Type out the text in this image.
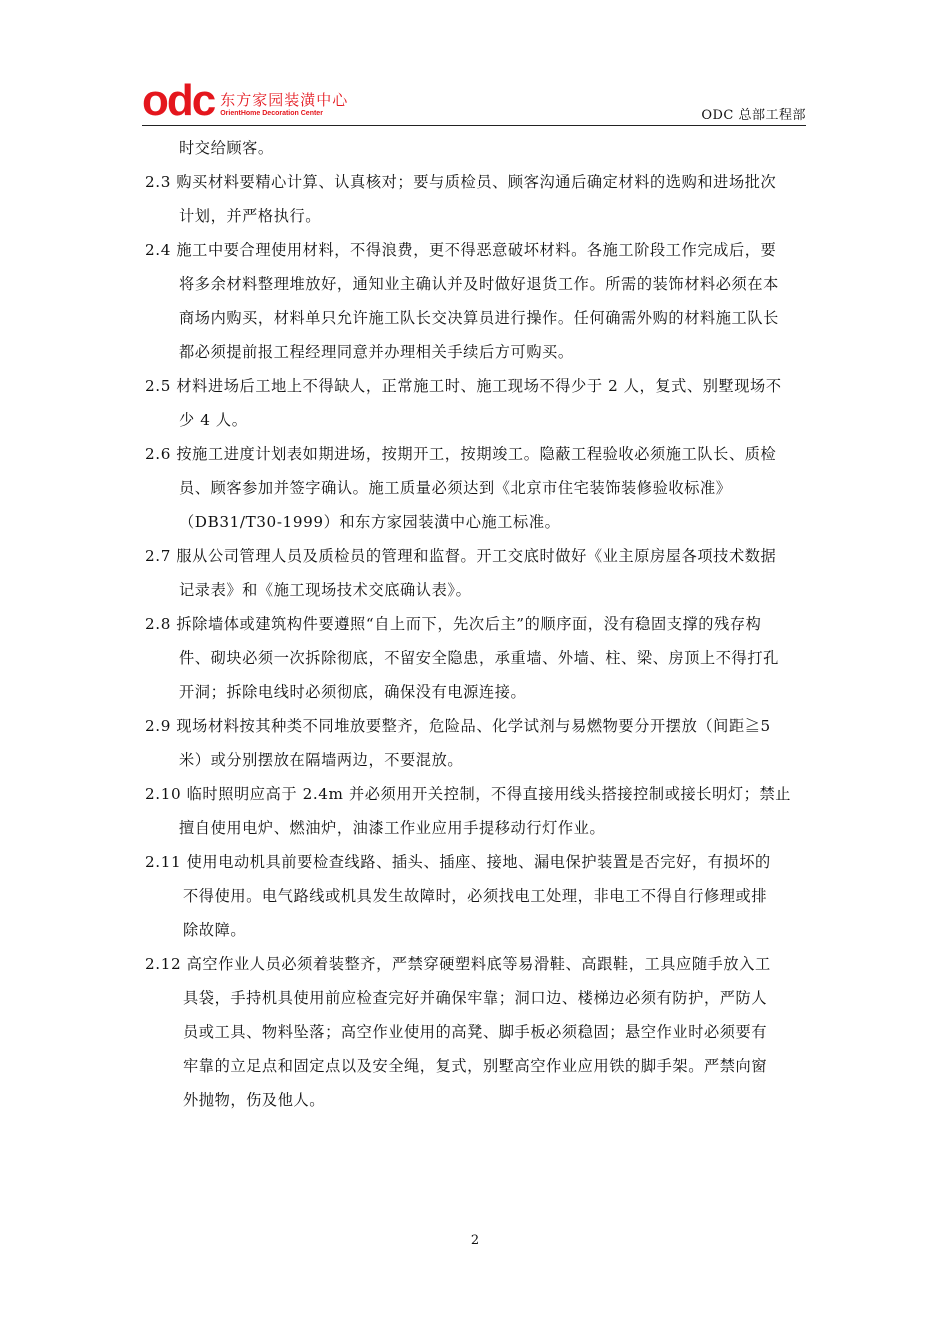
odc 东方家园装潢中心
OrientHome Decoration Center	ODC 总部工程部
时交给顾客。
2.3 购买材料要精心计算、认真核对；要与质检员、顾客沟通后确定材料的选购和进场批次
计划，并严格执行。
2.4 施工中要合理使用材料，不得浪费，更不得恶意破坏材料。各施工阶段工作完成后，要
将多余材料整理堆放好，通知业主确认并及时做好退货工作。所需的装饰材料必须在本
商场内购买，材料单只允许施工队长交决算员进行操作。任何确需外购的材料施工队长
都必须提前报工程经理同意并办理相关手续后方可购买。
2.5 材料进场后工地上不得缺人，正常施工时、施工现场不得少于 2 人，复式、别墅现场不
少 4 人。
2.6 按施工进度计划表如期进场，按期开工，按期竣工。隐蔽工程验收必须施工队长、质检
员、顾客参加并签字确认。施工质量必须达到《北京市住宅装饰装修验收标准》
（DB31/T30-1999）和东方家园装潢中心施工标准。
2.7 服从公司管理人员及质检员的管理和监督。开工交底时做好《业主原房屋各项技术数据
记录表》和《施工现场技术交底确认表》。
2.8 拆除墙体或建筑构件要遵照“自上而下，先次后主”的顺序面，没有稳固支撑的残存构
件、砌块必须一次拆除彻底，不留安全隐患，承重墙、外墙、柱、梁、房顶上不得打孔
开洞；拆除电线时必须彻底，确保没有电源连接。
2.9 现场材料按其种类不同堆放要整齐，危险品、化学试剂与易燃物要分开摆放（间距≧5
米）或分别摆放在隔墙两边，不要混放。
2.10 临时照明应高于 2.4m 并必须用开关控制，不得直接用线头搭接控制或接长明灯；禁止
擅自使用电炉、燃油炉，油漆工作业应用手提移动行灯作业。
2.11 使用电动机具前要检查线路、插头、插座、接地、漏电保护装置是否完好，有损坏的
不得使用。电气路线或机具发生故障时，必须找电工处理，非电工不得自行修理或排
除故障。
2.12 高空作业人员必须着装整齐，严禁穿硬塑料底等易滑鞋、高跟鞋，工具应随手放入工
具袋，手持机具使用前应检查完好并确保牢靠；洞口边、楼梯边必须有防护，严防人
员或工具、物料坠落；高空作业使用的高凳、脚手板必须稳固；悬空作业时必须要有
牢靠的立足点和固定点以及安全绳，复式，别墅高空作业应用铁的脚手架。严禁向窗
外抛物，伤及他人。
2
